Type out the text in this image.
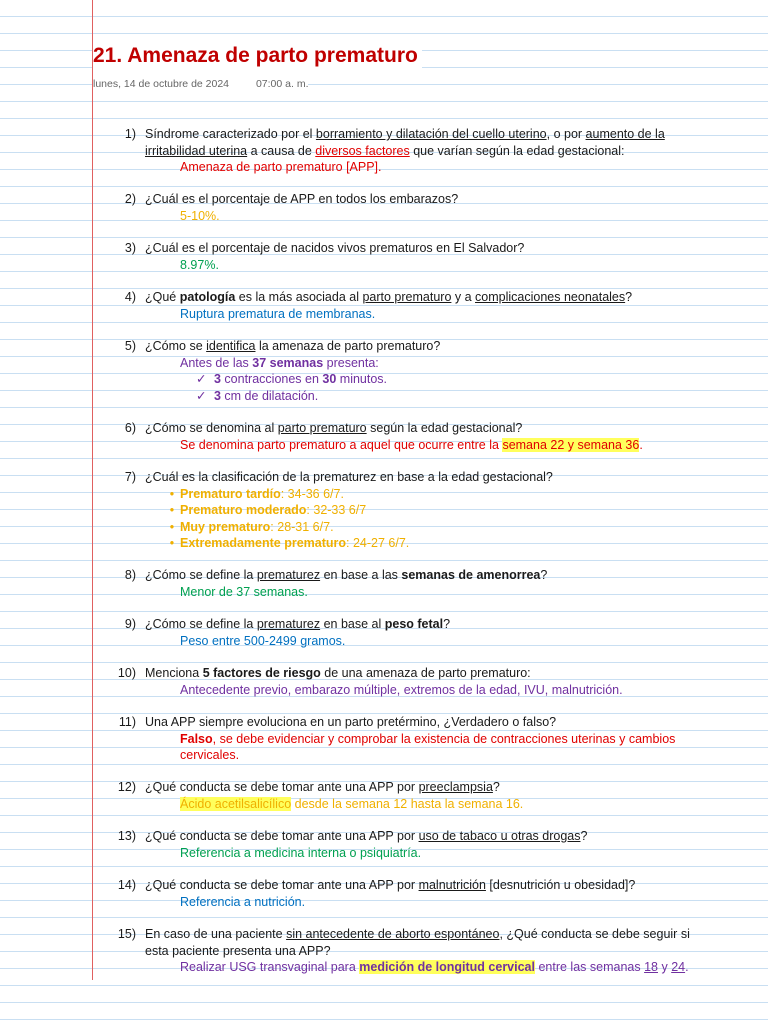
21. Amenaza de parto prematuro
lunes, 14 de octubre de 2024	07:00 a. m.
1) Síndrome caracterizado por el borramiento y dilatación del cuello uterino, o por aumento de la irritabilidad uterina a causa de diversos factores que varían según la edad gestacional:
Amenaza de parto prematuro [APP].
2) ¿Cuál es el porcentaje de APP en todos los embarazos?
5-10%.
3) ¿Cuál es el porcentaje de nacidos vivos prematuros en El Salvador?
8.97%.
4) ¿Qué patología es la más asociada al parto prematuro y a complicaciones neonatales?
Ruptura prematura de membranas.
5) ¿Cómo se identifica la amenaza de parto prematuro?
Antes de las 37 semanas presenta:
✓ 3 contracciones en 30 minutos.
✓ 3 cm de dilatación.
6) ¿Cómo se denomina al parto prematuro según la edad gestacional?
Se denomina parto prematuro a aquel que ocurre entre la semana 22 y semana 36.
7) ¿Cuál es la clasificación de la prematurez en base a la edad gestacional?
• Prematuro tardío: 34-36 6/7.
• Prematuro moderado: 32-33 6/7
• Muy prematuro: 28-31 6/7.
• Extremadamente prematuro: 24-27 6/7.
8) ¿Cómo se define la prematurez en base a las semanas de amenorrea?
Menor de 37 semanas.
9) ¿Cómo se define la prematurez en base al peso fetal?
Peso entre 500-2499 gramos.
10) Menciona 5 factores de riesgo de una amenaza de parto prematuro:
Antecedente previo, embarazo múltiple, extremos de la edad, IVU, malnutrición.
11) Una APP siempre evoluciona en un parto pretérmino, ¿Verdadero o falso?
Falso, se debe evidenciar y comprobar la existencia de contracciones uterinas y cambios cervicales.
12) ¿Qué conducta se debe tomar ante una APP por preeclampsia?
Ácido acetilsalicílico desde la semana 12 hasta la semana 16.
13) ¿Qué conducta se debe tomar ante una APP por uso de tabaco u otras drogas?
Referencia a medicina interna o psiquiatría.
14) ¿Qué conducta se debe tomar ante una APP por malnutrición [desnutrición u obesidad]?
Referencia a nutrición.
15) En caso de una paciente sin antecedente de aborto espontáneo, ¿Qué conducta se debe seguir si esta paciente presenta una APP?
Realizar USG transvaginal para medición de longitud cervical entre las semanas 18 y 24.
